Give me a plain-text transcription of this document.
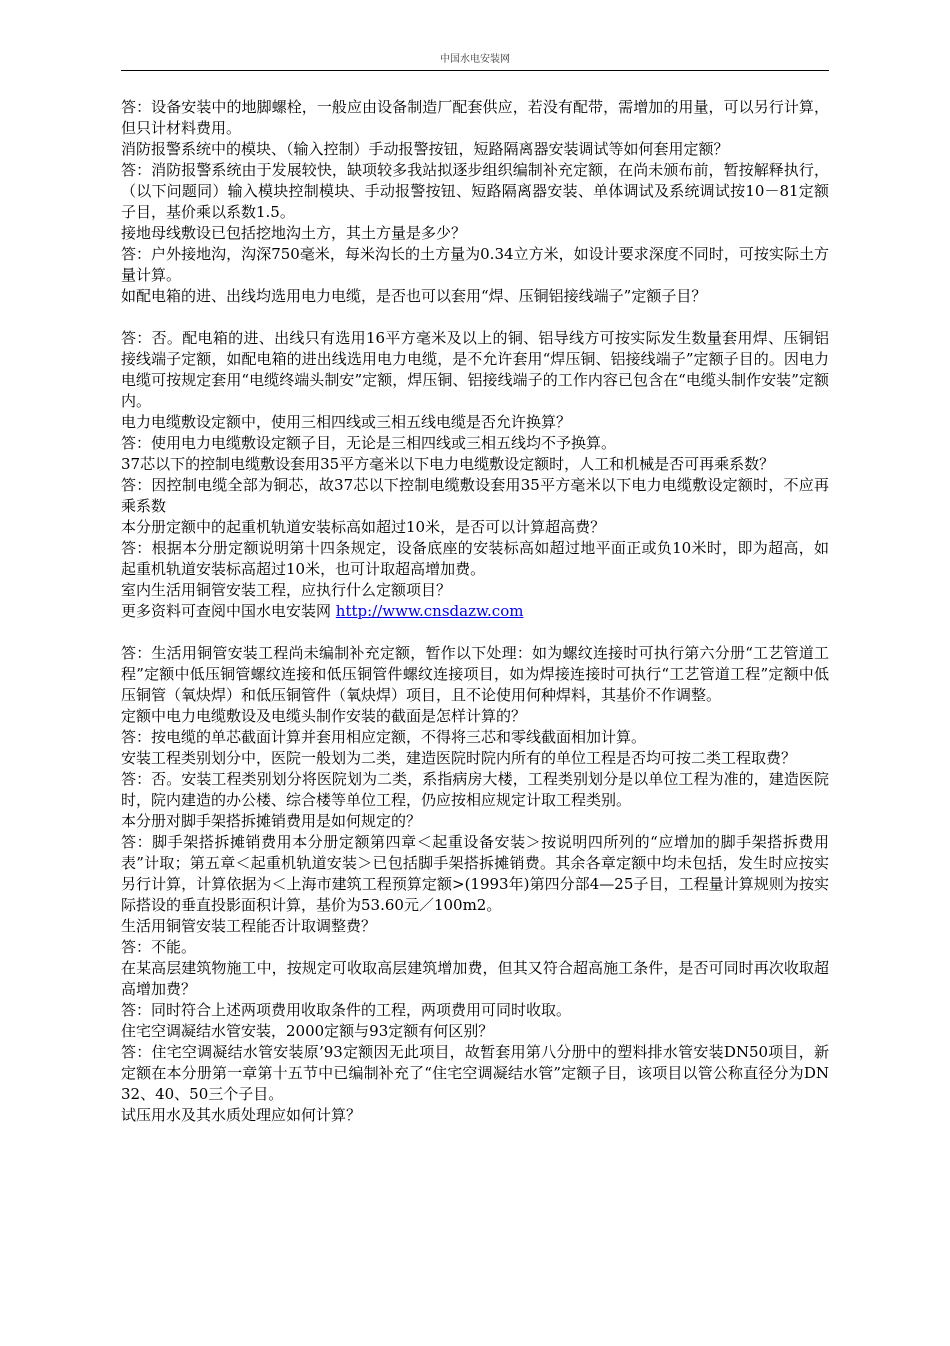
中国水电安装网

答：设备安装中的地脚螺栓，一般应由设备制造厂配套供应，若没有配带，需增加的用量，可以另行计算，但只计材料费用。

消防报警系统中的模块、（输入控制）手动报警按钮，短路隔离器安装调试等如何套用定额？

答：消防报警系统由于发展较快，缺项较多我站拟逐步组织编制补充定额，在尚未颁布前，暂按解释执行，（以下问题同）输入模块控制模块、手动报警按钮、短路隔离器安装、单体调试及系统调试按10－81定额子目，基价乘以系数1.5。

接地母线敷设已包括挖地沟土方，其土方量是多少？

答：户外接地沟，沟深750毫米，每米沟长的土方量为0.34立方米，如设计要求深度不同时，可按实际土方量计算。

如配电箱的进、出线均选用电力电缆，是否也可以套用“焊、压铜铝接线端子”定额子目？

答：否。配电箱的进、出线只有选用16平方毫米及以上的铜、铝导线方可按实际发生数量套用焊、压铜铝接线端子定额，如配电箱的进出线选用电力电缆，是不允许套用“焊压铜、铝接线端子”定额子目的。因电力电缆可按规定套用“电缆终端头制安”定额，焊压铜、铝接线端子的工作内容已包含在“电缆头制作安装”定额内。

电力电缆敷设定额中，使用三相四线或三相五线电缆是否允许换算？

答：使用电力电缆敷设定额子目，无论是三相四线或三相五线均不予换算。

37芯以下的控制电缆敷设套用35平方毫米以下电力电缆敷设定额时，人工和机械是否可再乘系数？

答：因控制电缆全部为铜芯，故37芯以下控制电缆敷设套用35平方毫米以下电力电缆敷设定额时，不应再乘系数

本分册定额中的起重机轨道安装标高如超过10米，是否可以计算超高费？

答：根据本分册定额说明第十四条规定，设备底座的安装标高如超过地平面正或负10米时，即为超高，如起重机轨道安装标高超过10米，也可计取超高增加费。

室内生活用铜管安装工程，应执行什么定额项目？

更多资料可查阅中国水电安装网 http://www.cnsdazw.com

答：生活用铜管安装工程尚未编制补充定额，暂作以下处理：如为螺纹连接时可执行第六分册“工艺管道工程”定额中低压铜管螺纹连接和低压铜管件螺纹连接项目，如为焊接连接时可执行“工艺管道工程”定额中低压铜管（氧炔焊）和低压铜管件（氧炔焊）项目，且不论使用何种焊料，其基价不作调整。

定额中电力电缆敷设及电缆头制作安装的截面是怎样计算的？

答：按电缆的单芯截面计算并套用相应定额，不得将三芯和零线截面相加计算。

安装工程类别划分中，医院一般划为二类，建造医院时院内所有的单位工程是否均可按二类工程取费？

答：否。安装工程类别划分将医院划为二类，系指病房大楼，工程类别划分是以单位工程为准的，建造医院时，院内建造的办公楼、综合楼等单位工程，仍应按相应规定计取工程类别。

本分册对脚手架搭拆摊销费用是如何规定的？

答：脚手架搭拆摊销费用本分册定额第四章＜起重设备安装＞按说明四所列的“应增加的脚手架搭拆费用表”计取；第五章＜起重机轨道安装＞已包括脚手架搭拆摊销费。其余各章定额中均未包括，发生时应按实另行计算，计算依据为＜上海市建筑工程预算定额>(1993年)第四分部4—25子目，工程量计算规则为按实际搭设的垂直投影面积计算，基价为53.60元／100m2。

生活用铜管安装工程能否计取调整费？

答：不能。

在某高层建筑物施工中，按规定可收取高层建筑增加费，但其又符合超高施工条件，是否可同时再次收取超高增加费？

答：同时符合上述两项费用收取条件的工程，两项费用可同时收取。

住宅空调凝结水管安装，2000定额与93定额有何区别？

答：住宅空调凝结水管安装原’93定额因无此项目，故暂套用第八分册中的塑料排水管安装DN50项目，新定额在本分册第一章第十五节中已编制补充了“住宅空调凝结水管”定额子目，该项目以管公称直径分为DN32、40、50三个子目。

试压用水及其水质处理应如何计算？
